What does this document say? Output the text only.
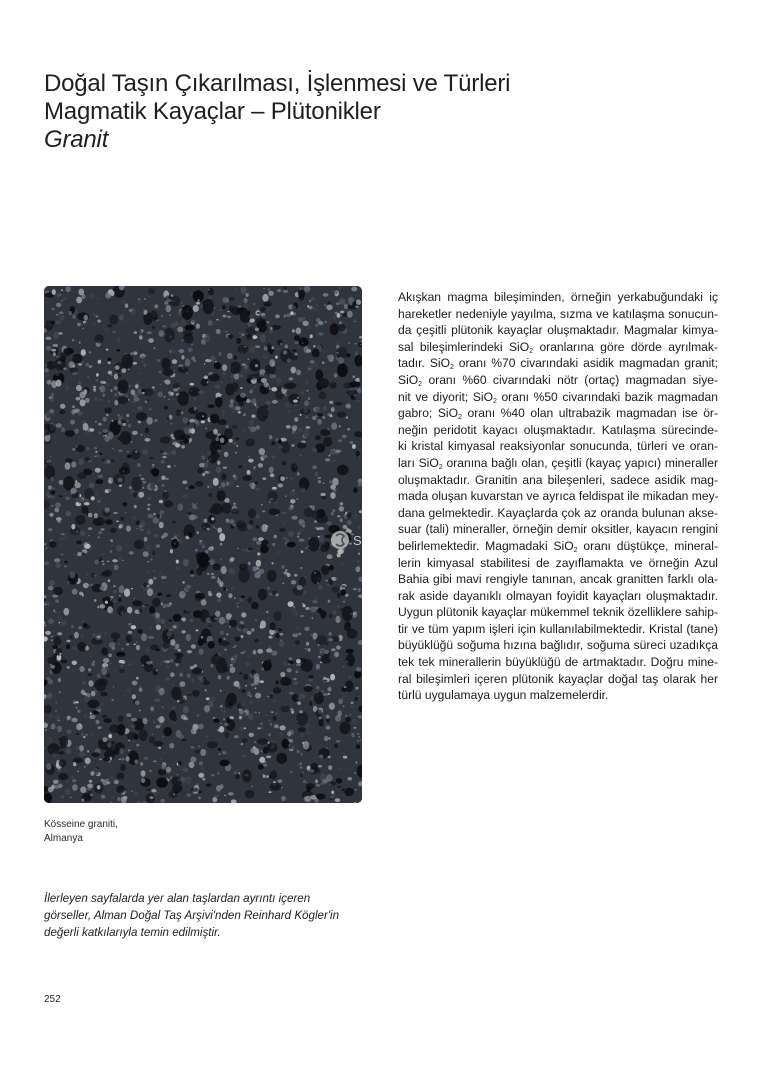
Doğal Taşın Çıkarılması, İşlenmesi ve Türleri
Magmatik Kayaçlar – Plütonikler
Granit
S
Kösseine graniti,
Almanya
İlerleyen sayfalarda yer alan taşlardan ayrıntı içeren
görseller, Alman Doğal Taş Arşivi'nden Reinhard Kögler'in
değerli katkılarıyla temin edilmiştir.
252
Akışkan magma bileşiminden, örneğin yerkabuğundaki iç
hareketler nedeniyle yayılma, sızma ve katılaşma sonucun-
da çeşitli plütonik kayaçlar oluşmaktadır. Magmalar kimya-
sal bileşimlerindeki SiO$_2$ oranlarına göre dörde ayrılmak-
tadır. SiO$_2$ oranı %70 civarındaki asidik magmadan granit;
SiO$_2$ oranı %60 civarındaki nötr (ortaç) magmadan siye-
nit ve diyorit; SiO$_2$ oranı %50 civarındaki bazik magmadan
gabro; SiO$_2$ oranı %40 olan ultrabazik magmadan ise ör-
neğin peridotit kayacı oluşmaktadır. Katılaşma sürecinde-
ki kristal kimyasal reaksiyonlar sonucunda, türleri ve oran-
ları SiO$_2$ oranına bağlı olan, çeşitli (kayaç yapıcı) mineraller
oluşmaktadır. Granitin ana bileşenleri, sadece asidik mag-
mada oluşan kuvarstan ve ayrıca feldispat ile mikadan mey-
dana gelmektedir. Kayaçlarda çok az oranda bulunan akse-
suar (tali) mineraller, örneğin demir oksitler, kayacın rengini
belirlemektedir. Magmadaki SiO$_2$ oranı düştükçe, mineral-
lerin kimyasal stabilitesi de zayıflamakta ve örneğin Azul
Bahia gibi mavi rengiyle tanınan, ancak granitten farklı ola-
rak aside dayanıklı olmayan foyidit kayaçları oluşmaktadır.
Uygun plütonik kayaçlar mükemmel teknik özelliklere sahip-
tir ve tüm yapım işleri için kullanılabilmektedir. Kristal (tane)
büyüklüğü soğuma hızına bağlıdır, soğuma süreci uzadıkça
tek tek minerallerin büyüklüğü de artmaktadır. Doğru mine-
ral bileşimleri içeren plütonik kayaçlar doğal taş olarak her
türlü uygulamaya uygun malzemelerdir.
